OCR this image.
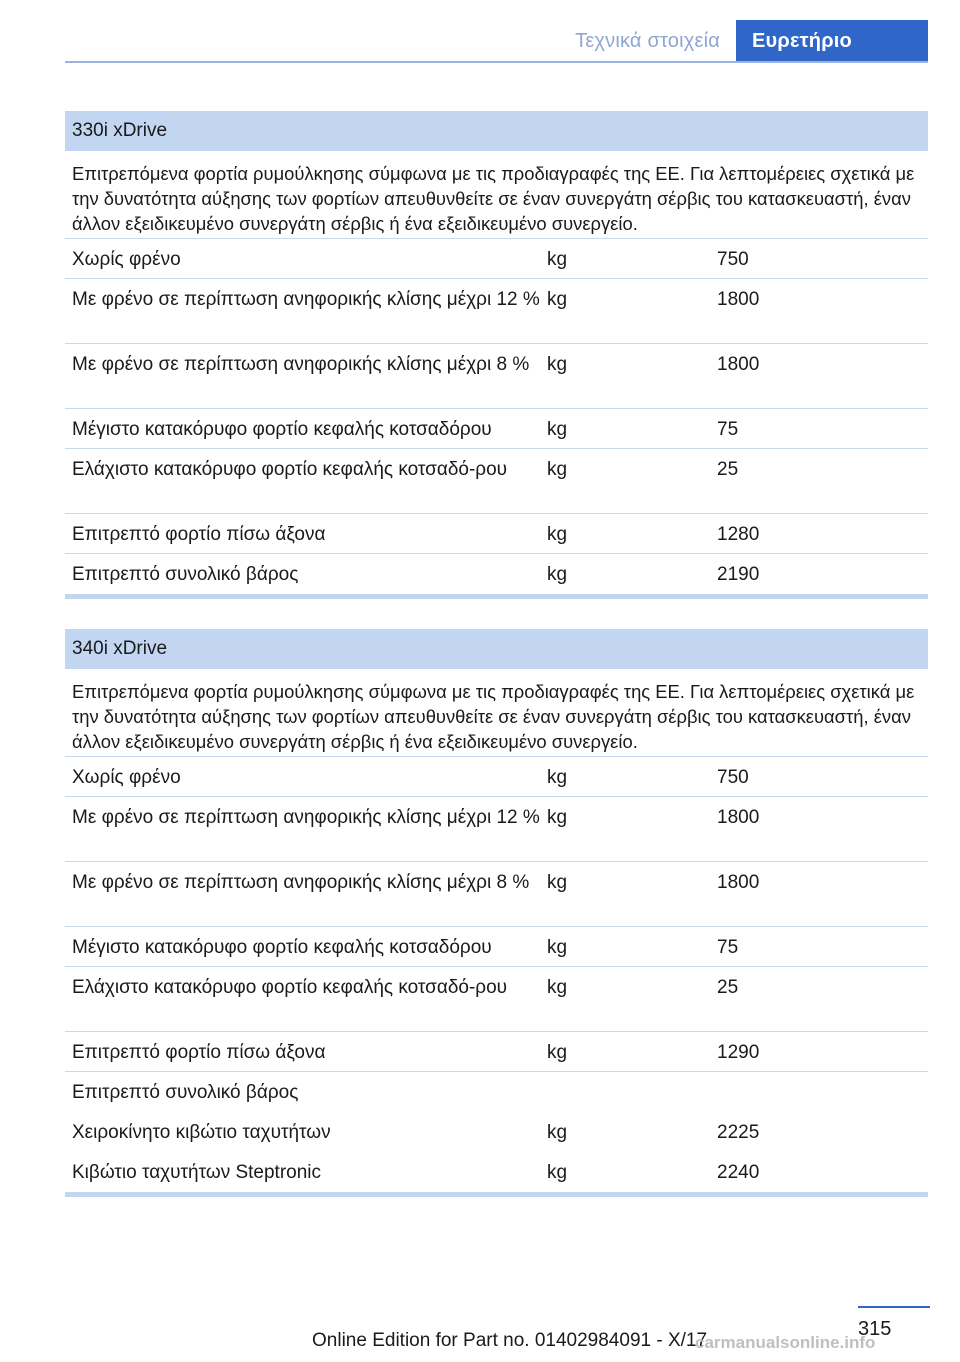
Τεχνικά στοιχεία	Ευρετήριο
330i xDrive
Επιτρεπόμενα φορτία ρυμούλκησης σύμφωνα με τις προδιαγραφές της ΕΕ. Για λεπτομέρειες σχετικά με την δυνατότητα αύξησης των φορτίων απευθυνθείτε σε έναν συνεργάτη σέρβις του κατασκευαστή, έναν άλλον εξειδικευμένο συνεργάτη σέρβις ή ένα εξειδικευμένο συνεργείο.
Χωρίς φρένο	kg	750
Με φρένο σε περίπτωση ανηφορικής κλίσης μέχρι 12 % kg	1800
Με φρένο σε περίπτωση ανηφορικής κλίσης μέχρι 8 % kg	1800
Μέγιστο κατακόρυφο φορτίο κεφαλής κοτσαδόρου	kg	75
Ελάχιστο κατακόρυφο φορτίο κεφαλής κοτσαδό-ρου	kg	25
Επιτρεπτό φορτίο πίσω άξονα	kg	1280
Επιτρεπτό συνολικό βάρος	kg	2190
340i xDrive
Επιτρεπόμενα φορτία ρυμούλκησης σύμφωνα με τις προδιαγραφές της ΕΕ. Για λεπτομέρειες σχετικά με την δυνατότητα αύξησης των φορτίων απευθυνθείτε σε έναν συνεργάτη σέρβις του κατασκευαστή, έναν άλλον εξειδικευμένο συνεργάτη σέρβις ή ένα εξειδικευμένο συνεργείο.
Χωρίς φρένο	kg	750
Με φρένο σε περίπτωση ανηφορικής κλίσης μέχρι 12 % kg	1800
Με φρένο σε περίπτωση ανηφορικής κλίσης μέχρι 8 % kg	1800
Μέγιστο κατακόρυφο φορτίο κεφαλής κοτσαδόρου	kg	75
Ελάχιστο κατακόρυφο φορτίο κεφαλής κοτσαδό-ρου	kg	25
Επιτρεπτό φορτίο πίσω άξονα	kg	1290
Επιτρεπτό συνολικό βάρος
Χειροκίνητο κιβώτιο ταχυτήτων	kg	2225
Κιβώτιο ταχυτήτων Steptronic	kg	2240
315
Online Edition for Part no. 01402984091 - X/17
carmanualsonline.info
